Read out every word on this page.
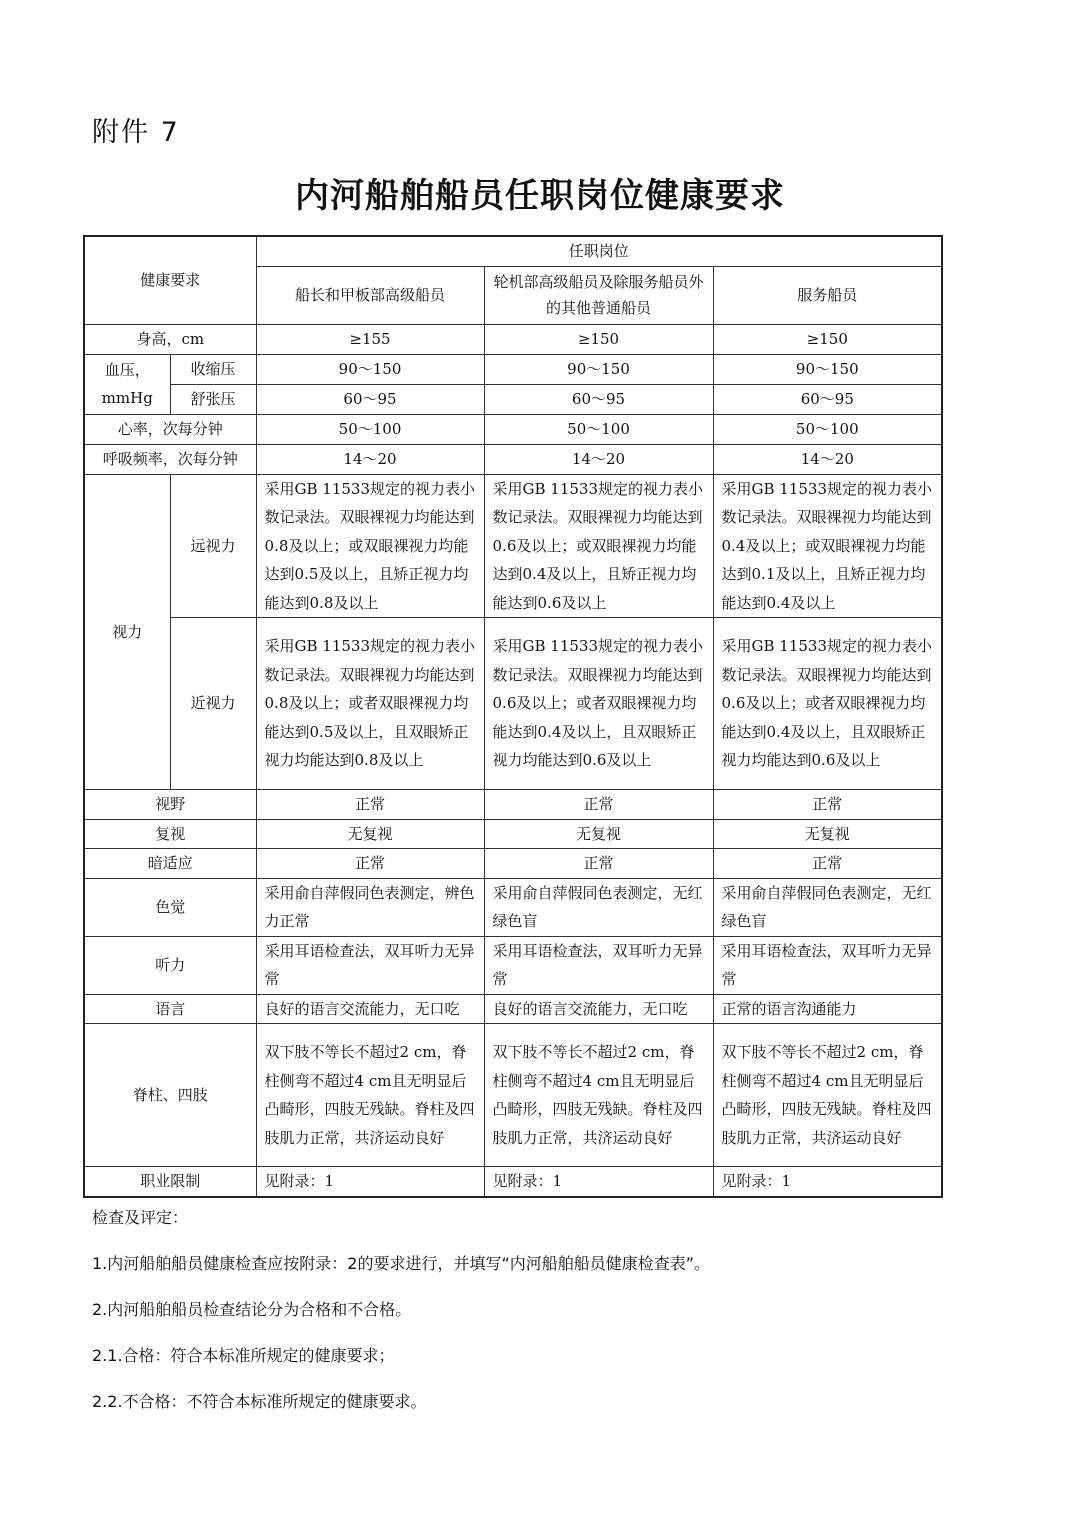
附件 7
内河船舶船员任职岗位健康要求
健康要求		任职岗位		
		船长和甲板部高级船员	轮机部高级船员及除服务船员外的其他普通船员	服务船员
身高，cm		≥155	≥150	≥150
血压，mmHg	收缩压	90～150	90～150	90～150
	舒张压	60～95	60～95	60～95
心率，次每分钟		50～100	50～100	50～100
呼吸频率，次每分钟		14～20	14～20	14～20
视力	远视力	采用GB 11533规定的视力表小数记录法。双眼裸视力均能达到0.8及以上；或双眼裸视力均能达到0.5及以上，且矫正视力均能达到0.8及以上	采用GB 11533规定的视力表小数记录法。双眼裸视力均能达到0.6及以上；或双眼裸视力均能达到0.4及以上，且矫正视力均能达到0.6及以上	采用GB 11533规定的视力表小数记录法。双眼裸视力均能达到0.4及以上；或双眼裸视力均能达到0.1及以上，且矫正视力均能达到0.4及以上
	近视力	采用GB 11533规定的视力表小数记录法。双眼裸视力均能达到0.8及以上；或者双眼裸视力均能达到0.5及以上，且双眼矫正视力均能达到0.8及以上	采用GB 11533规定的视力表小数记录法。双眼裸视力均能达到0.6及以上；或者双眼裸视力均能达到0.4及以上，且双眼矫正视力均能达到0.6及以上	采用GB 11533规定的视力表小数记录法。双眼裸视力均能达到0.6及以上；或者双眼裸视力均能达到0.4及以上，且双眼矫正视力均能达到0.6及以上
视野		正常	正常	正常
复视		无复视	无复视	无复视
暗适应		正常	正常	正常
色觉		采用俞自萍假同色表测定，辨色力正常	采用俞自萍假同色表测定，无红绿色盲	采用俞自萍假同色表测定，无红绿色盲
听力		采用耳语检查法，双耳听力无异常	采用耳语检查法，双耳听力无异常	采用耳语检查法，双耳听力无异常
语言		良好的语言交流能力，无口吃	良好的语言交流能力，无口吃	正常的语言沟通能力
脊柱、四肢		双下肢不等长不超过2 cm，脊柱侧弯不超过4 cm且无明显后凸畸形，四肢无残缺。脊柱及四肢肌力正常，共济运动良好	双下肢不等长不超过2 cm，脊柱侧弯不超过4 cm且无明显后凸畸形，四肢无残缺。脊柱及四肢肌力正常，共济运动良好	双下肢不等长不超过2 cm，脊柱侧弯不超过4 cm且无明显后凸畸形，四肢无残缺。脊柱及四肢肌力正常，共济运动良好
职业限制		见附录：1	见附录：1	见附录：1

检查及评定：

1.内河船舶船员健康检查应按附录：2的要求进行，并填写“内河船舶船员健康检查表”。

2.内河船舶船员检查结论分为合格和不合格。

2.1.合格：符合本标准所规定的健康要求；

2.2.不合格：不符合本标准所规定的健康要求。
